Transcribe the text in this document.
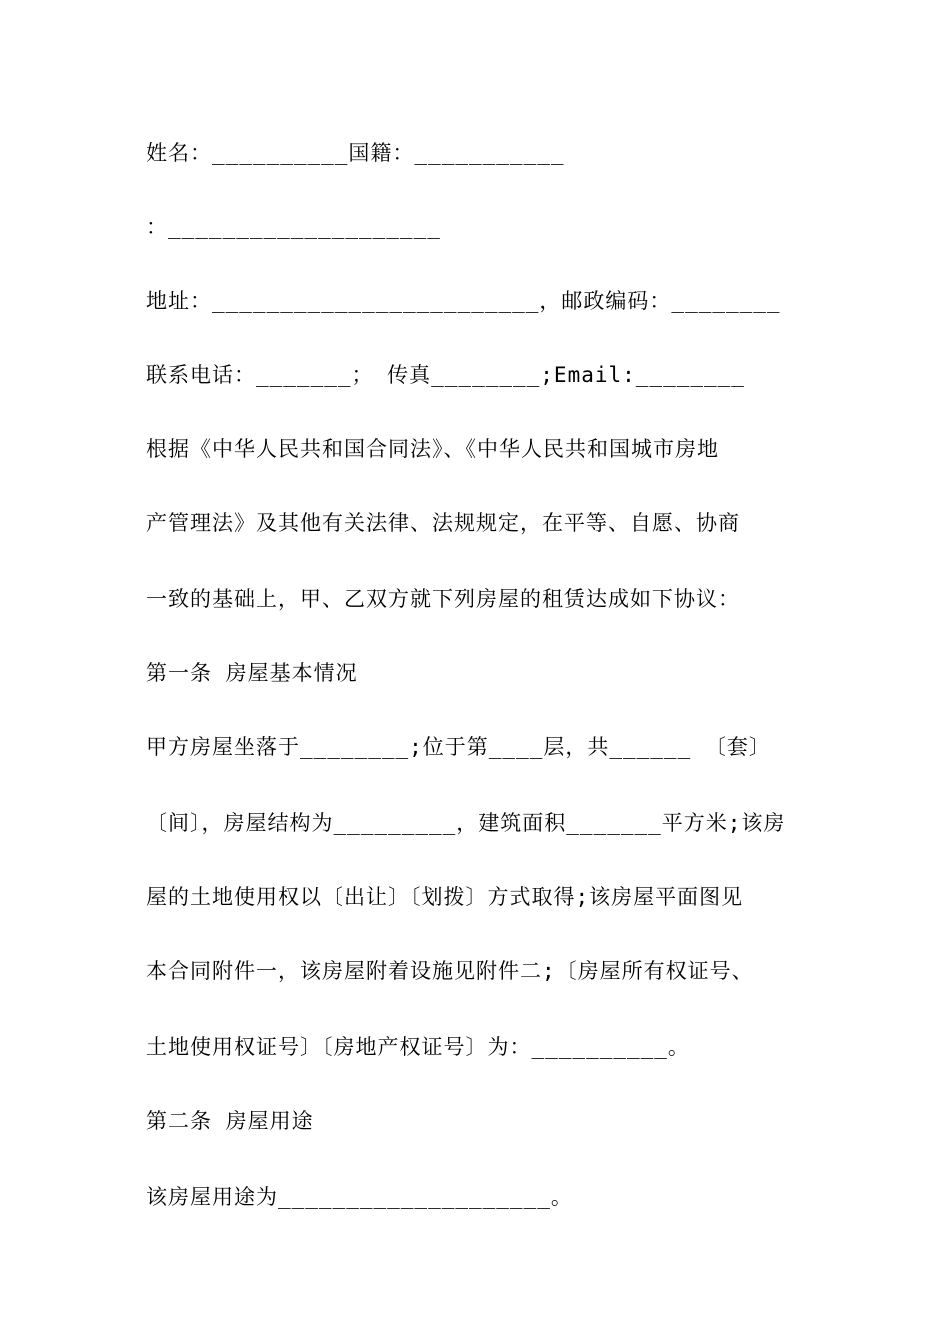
姓名：__________国籍：___________
：____________________
地址：________________________，邮政编码：________
联系电话：_______； 传真________;Email:________
根据《中华人民共和国合同法》、《中华人民共和国城市房地
产管理法》及其他有关法律、法规规定，在平等、自愿、协商
一致的基础上，甲、乙双方就下列房屋的租赁达成如下协议：
第一条 房屋基本情况
甲方房屋坐落于________;位于第____层，共______ 〔套〕
〔间〕，房屋结构为_________，建筑面积_______平方米;该房
屋的土地使用权以〔出让〕〔划拨〕方式取得;该房屋平面图见
本合同附件一，该房屋附着设施见附件二;〔房屋所有权证号、
土地使用权证号〕〔房地产权证号〕为：__________。
第二条 房屋用途
该房屋用途为____________________。
